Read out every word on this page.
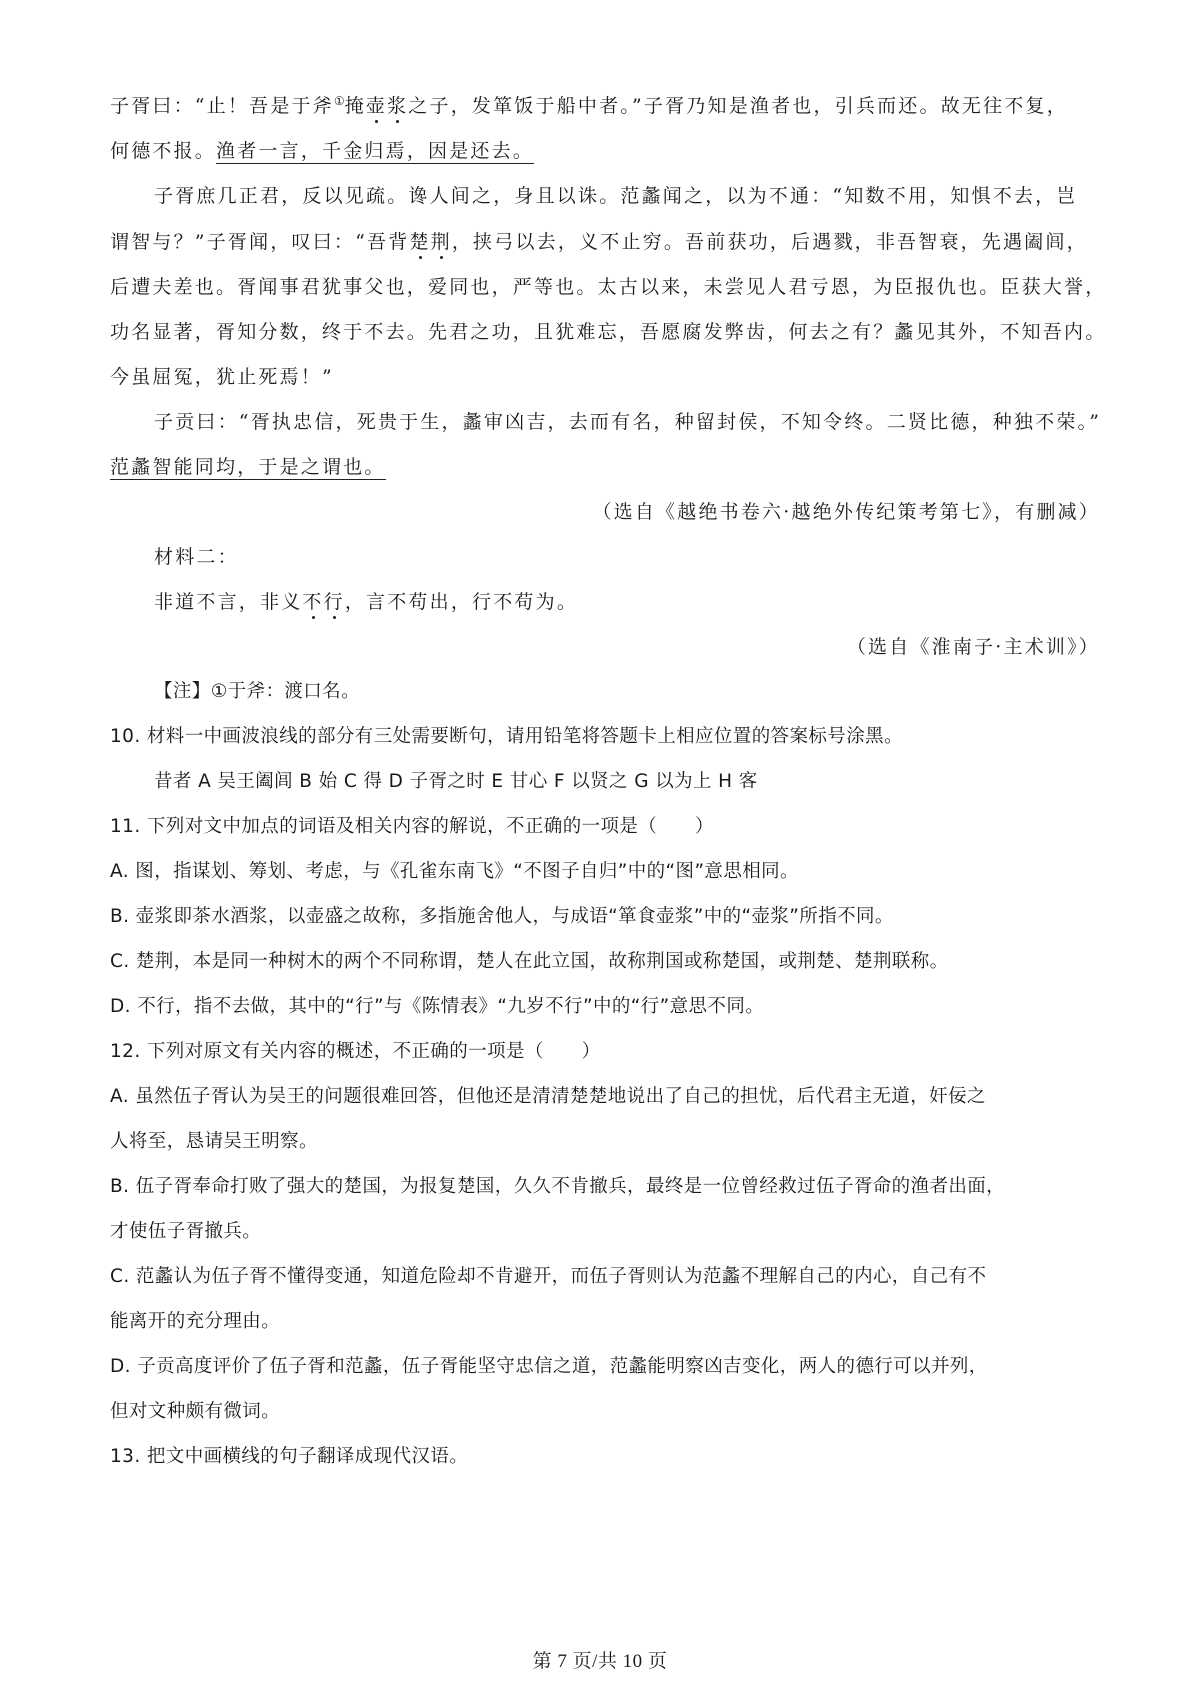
子胥曰：“止！吾是于斧①掩壶浆之子，发箪饭于船中者。”子胥乃知是渔者也，引兵而还。故无往不复，
何德不报。渔者一言，千金归焉，因是还去。
子胥庶几正君，反以见疏。谗人间之，身且以诛。范蠡闻之，以为不通：“知数不用，知惧不去，岂
谓智与？”子胥闻，叹曰：“吾背楚荆，挟弓以去，义不止穷。吾前获功，后遇戮，非吾智衰，先遇阖闾，
后遭夫差也。胥闻事君犹事父也，爱同也，严等也。太古以来，未尝见人君亏恩，为臣报仇也。臣获大誉，
功名显著，胥知分数，终于不去。先君之功，且犹难忘，吾愿腐发弊齿，何去之有？蠡见其外，不知吾内。
今虽屈冤，犹止死焉！”
子贡曰：“胥执忠信，死贵于生，蠡审凶吉，去而有名，种留封侯，不知令终。二贤比德，种独不荣。”
范蠡智能同均，于是之谓也。
（选自《越绝书卷六·越绝外传纪策考第七》，有删减）
材料二：
非道不言，非义不行，言不苟出，行不苟为。
（选自《淮南子·主术训》）
【注】①于斧：渡口名。
10. 材料一中画波浪线的部分有三处需要断句，请用铅笔将答题卡上相应位置的答案标号涂黑。
昔者 A 吴王阖闾 B 始 C 得 D 子胥之时 E 甘心 F 以贤之 G 以为上 H 客
11. 下列对文中加点的词语及相关内容的解说，不正确的一项是（　　）
A. 图，指谋划、筹划、考虑，与《孔雀东南飞》“不图子自归”中的“图”意思相同。
B. 壶浆即茶水酒浆，以壶盛之故称，多指施舍他人，与成语“箪食壶浆”中的“壶浆”所指不同。
C. 楚荆，本是同一种树木的两个不同称谓，楚人在此立国，故称荆国或称楚国，或荆楚、楚荆联称。
D. 不行，指不去做，其中的“行”与《陈情表》“九岁不行”中的“行”意思不同。
12. 下列对原文有关内容的概述，不正确的一项是（　　）
A. 虽然伍子胥认为吴王的问题很难回答，但他还是清清楚楚地说出了自己的担忧，后代君主无道，奸佞之
人将至，恳请吴王明察。
B. 伍子胥奉命打败了强大的楚国，为报复楚国，久久不肯撤兵，最终是一位曾经救过伍子胥命的渔者出面，
才使伍子胥撤兵。
C. 范蠡认为伍子胥不懂得变通，知道危险却不肯避开，而伍子胥则认为范蠡不理解自己的内心，自己有不
能离开的充分理由。
D. 子贡高度评价了伍子胥和范蠡，伍子胥能坚守忠信之道，范蠡能明察凶吉变化，两人的德行可以并列，
但对文种颇有微词。
13. 把文中画横线的句子翻译成现代汉语。
第 7 页/共 10 页
